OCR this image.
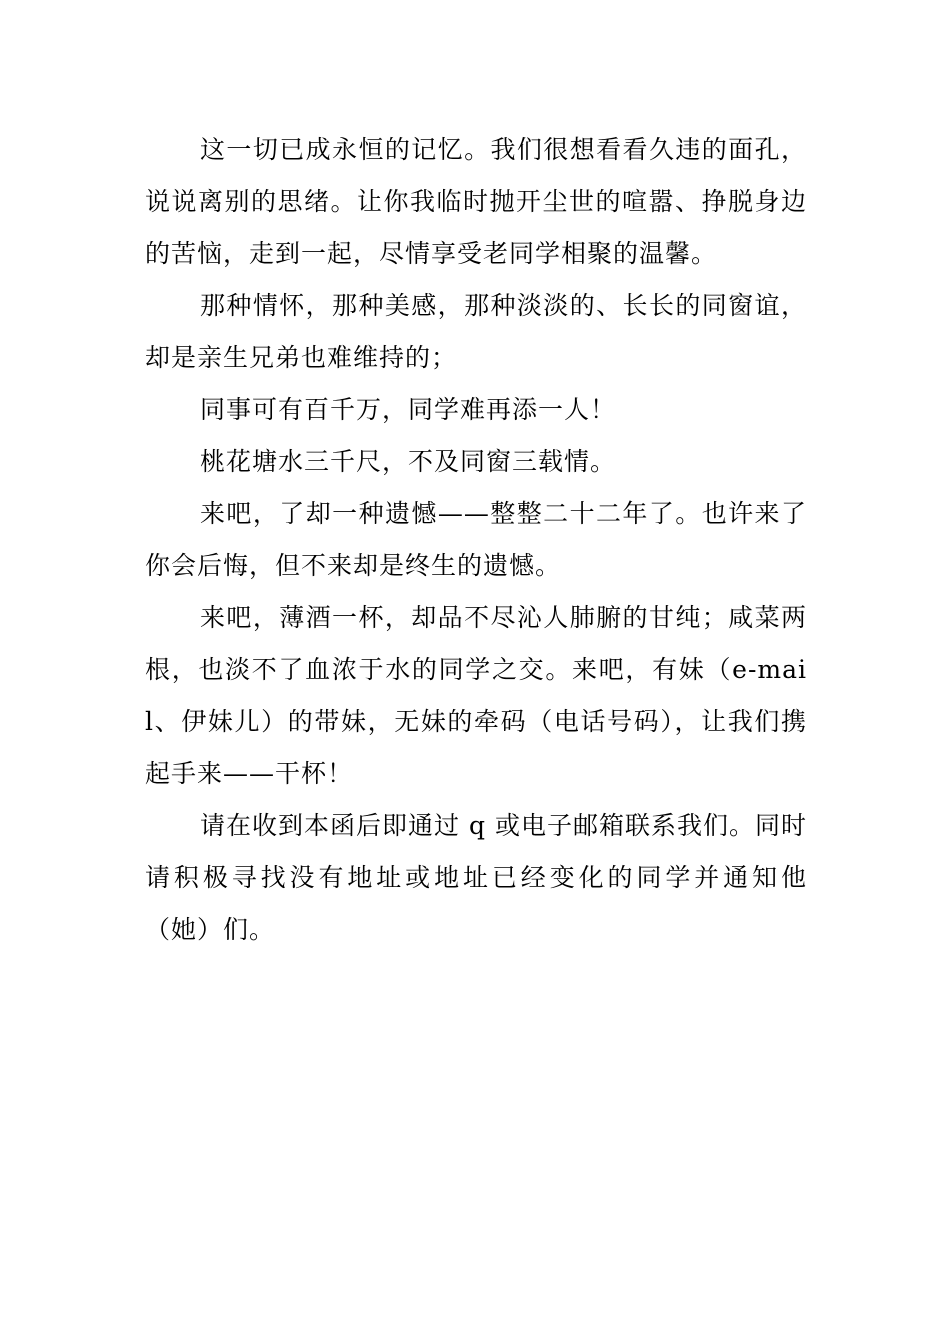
这一切已成永恒的记忆。我们很想看看久违的面孔，说说离别的思绪。让你我临时抛开尘世的喧嚣、挣脱身边的苦恼，走到一起，尽情享受老同学相聚的温馨。

那种情怀，那种美感，那种淡淡的、长长的同窗谊，却是亲生兄弟也难维持的；

同事可有百千万，同学难再添一人！

桃花塘水三千尺，不及同窗三载情。

来吧，了却一种遗憾——整整二十二年了。也许来了你会后悔，但不来却是终生的遗憾。

来吧，薄酒一杯，却品不尽沁人肺腑的甘纯；咸菜两根，也淡不了血浓于水的同学之交。来吧，有妹（e-mail、伊妹儿）的带妹，无妹的牵码（电话号码），让我们携起手来——干杯！

请在收到本函后即通过 q 或电子邮箱联系我们。同时请积极寻找没有地址或地址已经变化的同学并通知他（她）们。
